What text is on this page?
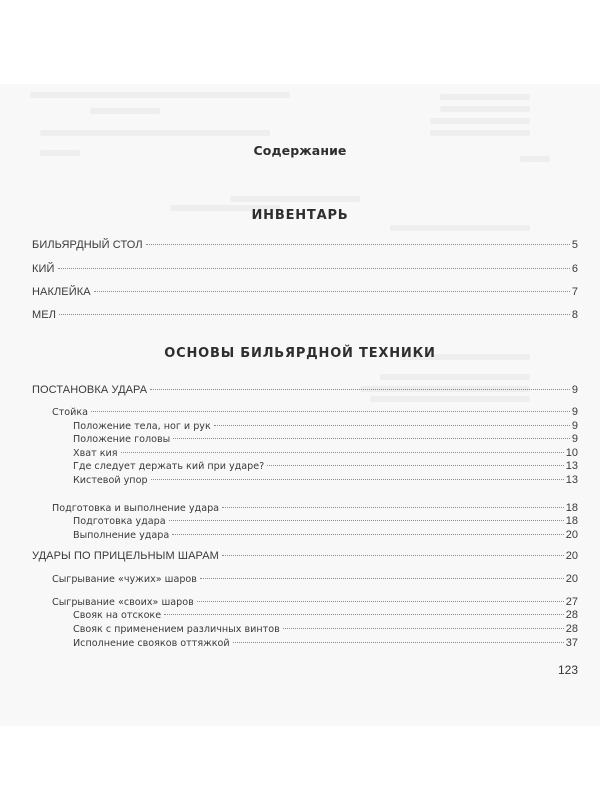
Содержание
ИНВЕНТАРЬ
БИЛЬЯРДНЫЙ СТОЛ	5
КИЙ	6
НАКЛЕЙКА	7
МЕЛ	8
ОСНОВЫ БИЛЬЯРДНОЙ ТЕХНИКИ
ПОСТАНОВКА УДАРА	9
Стойка	9
Положение тела, ног и рук	9
Положение головы	9
Хват кия	10
Где следует держать кий при ударе?	13
Кистевой упор	13
Подготовка и выполнение удара	18
Подготовка удара	18
Выполнение удара	20
УДАРЫ ПО ПРИЦЕЛЬНЫМ ШАРАМ	20
Сыгрывание «чужих» шаров	20
Сыгрывание «своих» шаров	27
Свояк на отскоке	28
Свояк с применением различных винтов	28
Исполнение свояков оттяжкой	37
123
